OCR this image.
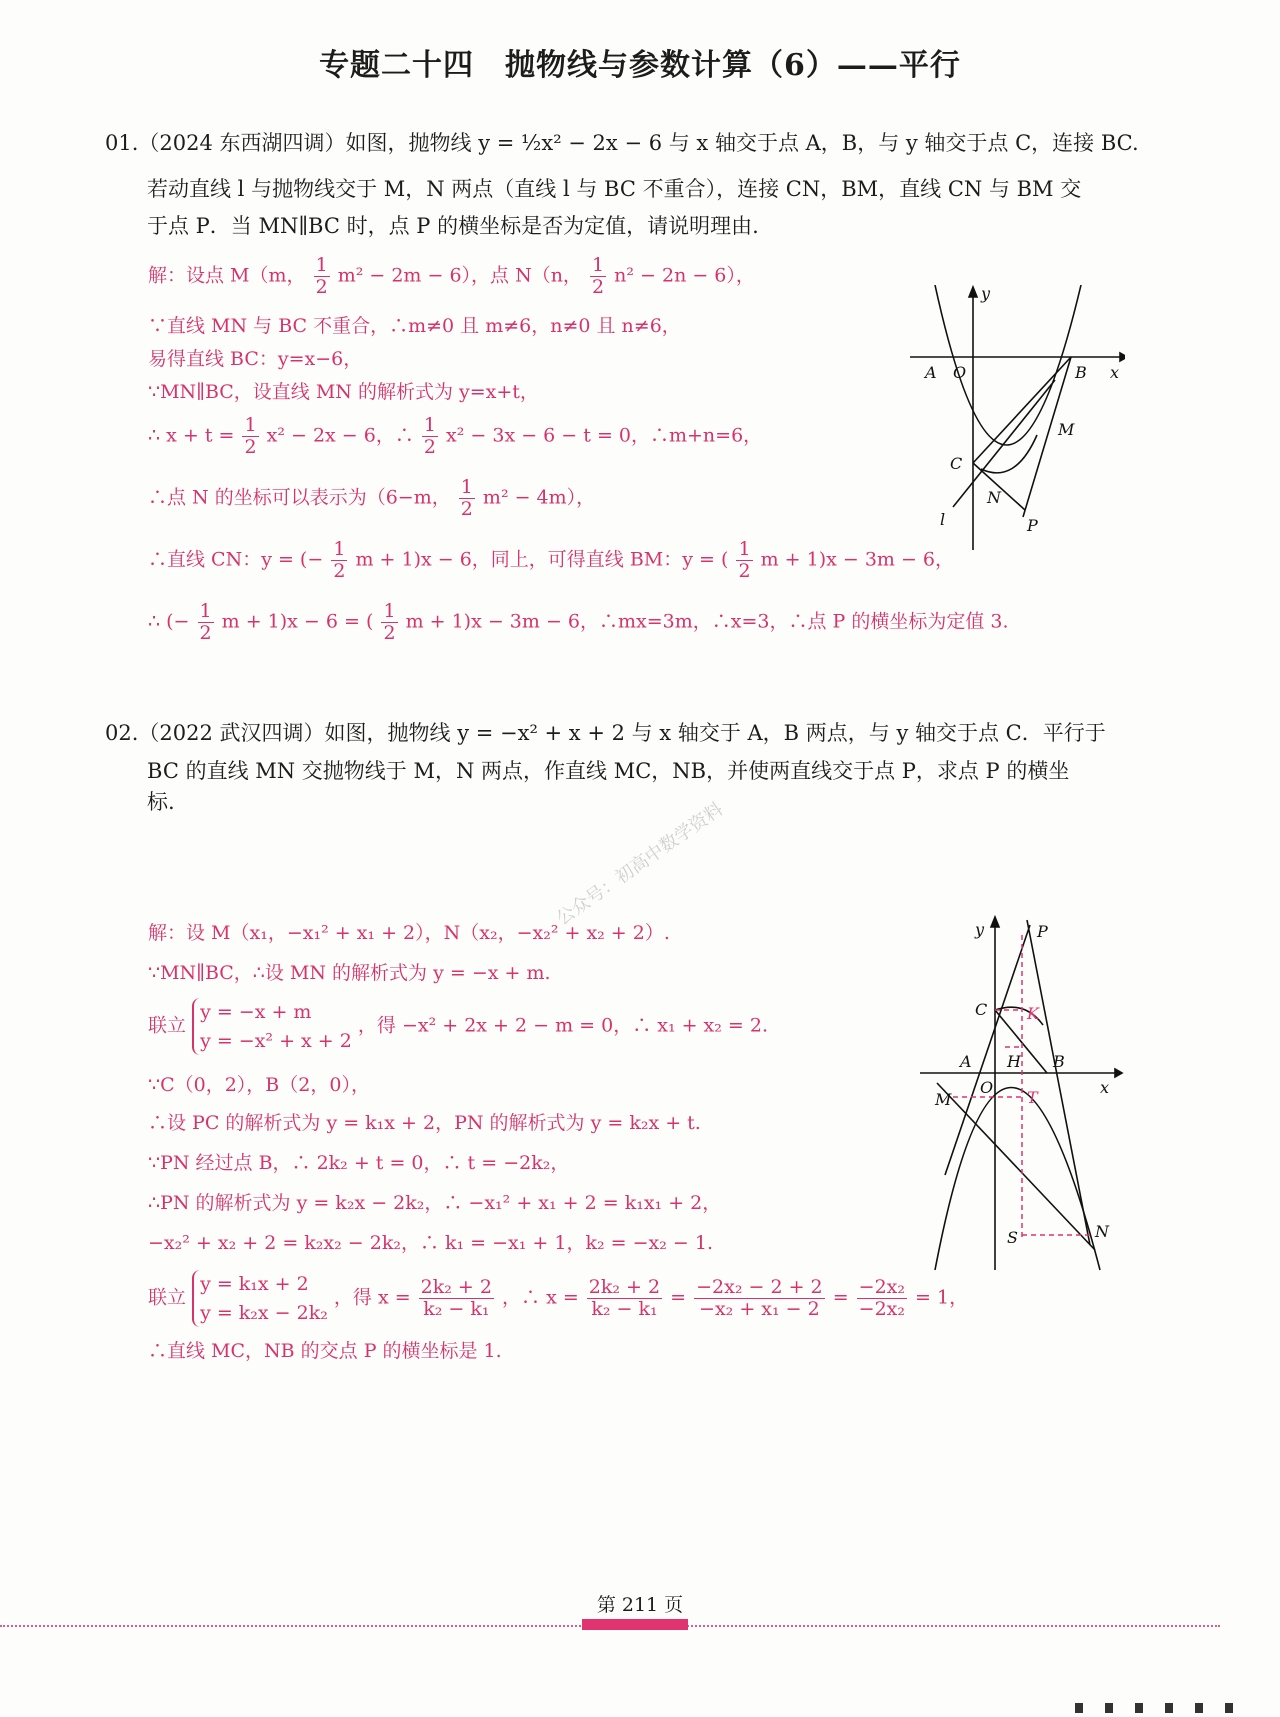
专题二十四　抛物线与参数计算（6）——平行
01.（2024 东西湖四调）如图，抛物线 y = ½x² − 2x − 6 与 x 轴交于点 A，B，与 y 轴交于点 C，连接 BC.
若动直线 l 与抛物线交于 M，N 两点（直线 l 与 BC 不重合），连接 CN，BM，直线 CN 与 BM 交
于点 P．当 MN∥BC 时，点 P 的横坐标是否为定值，请说明理由.
解：设点 M（m， $\frac{1}{2} m^2 - 2m - 6$），点 N（n， $\frac{1}{2} n^2 - 2n - 6$），
∵直线 MN 与 BC 不重合，∴m≠0 且 m≠6，n≠0 且 n≠6，
易得直线 BC：y=x−6，
∵MN∥BC，设直线 MN 的解析式为 y=x+t，
∴ $x + t = \frac{1}{2} x^2 - 2x - 6$，∴ $\frac{1}{2} x^2 - 3x - 6 - t = 0$，∴m+n=6，
∴点 N 的坐标可以表示为（6−m， $\frac{1}{2} m^2 - 4m$），
∴直线 CN：y = (− $\frac{1}{2}$ m + 1)x − 6，同上，可得直线 BM：y = ( $\frac{1}{2}$ m + 1)x − 3m − 6，
∴ (− $\frac{1}{2}$ m + 1)x − 6 = ( $\frac{1}{2}$ m + 1)x − 3m − 6，∴mx=3m，∴x=3，∴点 P 的横坐标为定值 3.
y
x
A O	B
M
C
N
l	P
02.（2022 武汉四调）如图，抛物线 y = −x² + x + 2 与 x 轴交于 A，B 两点，与 y 轴交于点 C．平行于
BC 的直线 MN 交抛物线于 M，N 两点，作直线 MC，NB，并使两直线交于点 P，求点 P 的横坐
标.	公众号：初高中数学资料
解：设 M（x₁，−x₁² + x₁ + 2），N（x₂，−x₂² + x₂ + 2）.
∵MN∥BC，∴设 MN 的解析式为 y = −x + m.
联立
y = −x + m
y = −x² + x + 2
，得 −x² + 2x + 2 − m = 0，∴ x₁ + x₂ = 2.
∵C（0，2），B（2，0），
∴设 PC 的解析式为 y = k₁x + 2，PN 的解析式为 y = k₂x + t.
∵PN 经过点 B，∴ 2k₂ + t = 0，∴ t = −2k₂，
∴PN 的解析式为 y = k₂x − 2k₂，∴ −x₁² + x₁ + 2 = k₁x₁ + 2，
−x₂² + x₂ + 2 = k₂x₂ − 2k₂，∴ k₁ = −x₁ + 1，k₂ = −x₂ − 1.
联立
y = k₁x + 2
y = k₂x − 2k₂
，得 $x = \frac{\text{2k₂ + 2}}{\text{k₂ − k₁}}$ ，∴ $x = \frac{\text{2k₂ + 2}}{\text{k₂ − k₁}} = \frac{\text{−2x₂ − 2 + 2}}{\text{−x₂ + x₁ − 2}} = \frac{\text{−2x₂}}{\text{−2x₂}} = 1$，
∴直线 MC，NB 的交点 P 的横坐标是 1.
y	P
C K
A H B
x
O
M	T
S	N
第 211 页
